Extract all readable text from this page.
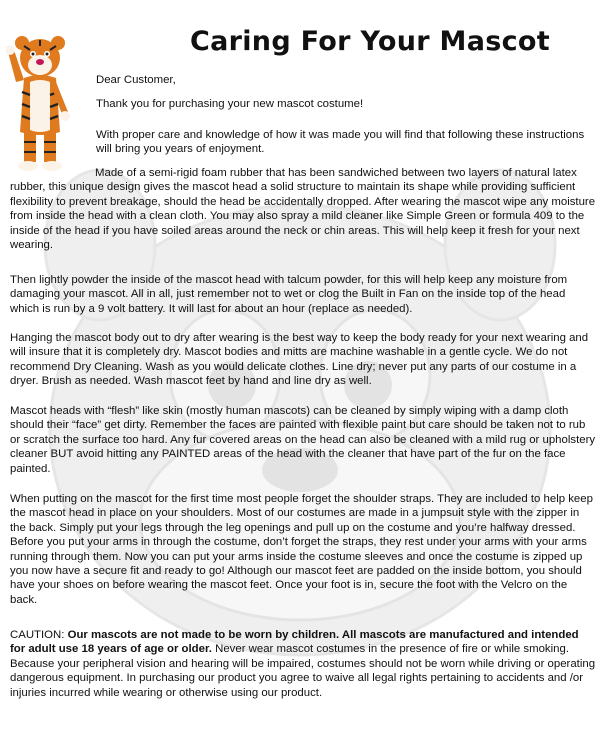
Caring For Your Mascot

Dear Customer,

Thank you for purchasing your new mascot costume!

With proper care and knowledge of how it was made you will find that following these instructions will bring you years of enjoyment.

Made of a semi-rigid foam rubber that has been sandwiched between two layers of natural latex rubber, this unique design gives the mascot head a solid structure to maintain its shape while providing sufficient flexibility to prevent breakage, should the head be accidentally dropped. After wearing the mascot wipe any moisture from inside the head with a clean cloth. You may also spray a mild cleaner like Simple Green or formula 409 to the inside of the head if you have soiled areas around the neck or chin areas. This will help keep it fresh for your next wearing.

Then lightly powder the inside of the mascot head with talcum powder, for this will help keep any moisture from damaging your mascot. All in all, just remember not to wet or clog the Built in Fan on the inside top of the head which is run by a 9 volt battery. It will last for about an hour (replace as needed).

Hanging the mascot body out to dry after wearing is the best way to keep the body ready for your next wearing and will insure that it is completely dry. Mascot bodies and mitts are machine washable in a gentle cycle. We do not recommend Dry Cleaning. Wash as you would delicate clothes. Line dry; never put any parts of our costume in a dryer. Brush as needed. Wash mascot feet by hand and line dry as well.

Mascot heads with “flesh” like skin (mostly human mascots) can be cleaned by simply wiping with a damp cloth should their “face” get dirty. Remember the faces are painted with flexible paint but care should be taken not to rub or scratch the surface too hard. Any fur covered areas on the head can also be cleaned with a mild rug or upholstery cleaner BUT avoid hitting any PAINTED areas of the head with the cleaner that have part of the fur on the face painted.

When putting on the mascot for the first time most people forget the shoulder straps. They are included to help keep the mascot head in place on your shoulders. Most of our costumes are made in a jumpsuit style with the zipper in the back. Simply put your legs through the leg openings and pull up on the costume and you’re halfway dressed. Before you put your arms in through the costume, don’t forget the straps, they rest under your arms with your arms running through them. Now you can put your arms inside the costume sleeves and once the costume is zipped up you now have a secure fit and ready to go! Although our mascot feet are padded on the inside bottom, you should have your shoes on before wearing the mascot feet. Once your foot is in, secure the foot with the Velcro on the back.

CAUTION: Our mascots are not made to be worn by children. All mascots are manufactured and intended for adult use 18 years of age or older. Never wear mascot costumes in the presence of fire or while smoking. Because your peripheral vision and hearing will be impaired, costumes should not be worn while driving or operating dangerous equipment. In purchasing our product you agree to waive all legal rights pertaining to accidents and /or injuries incurred while wearing or otherwise using our product.
